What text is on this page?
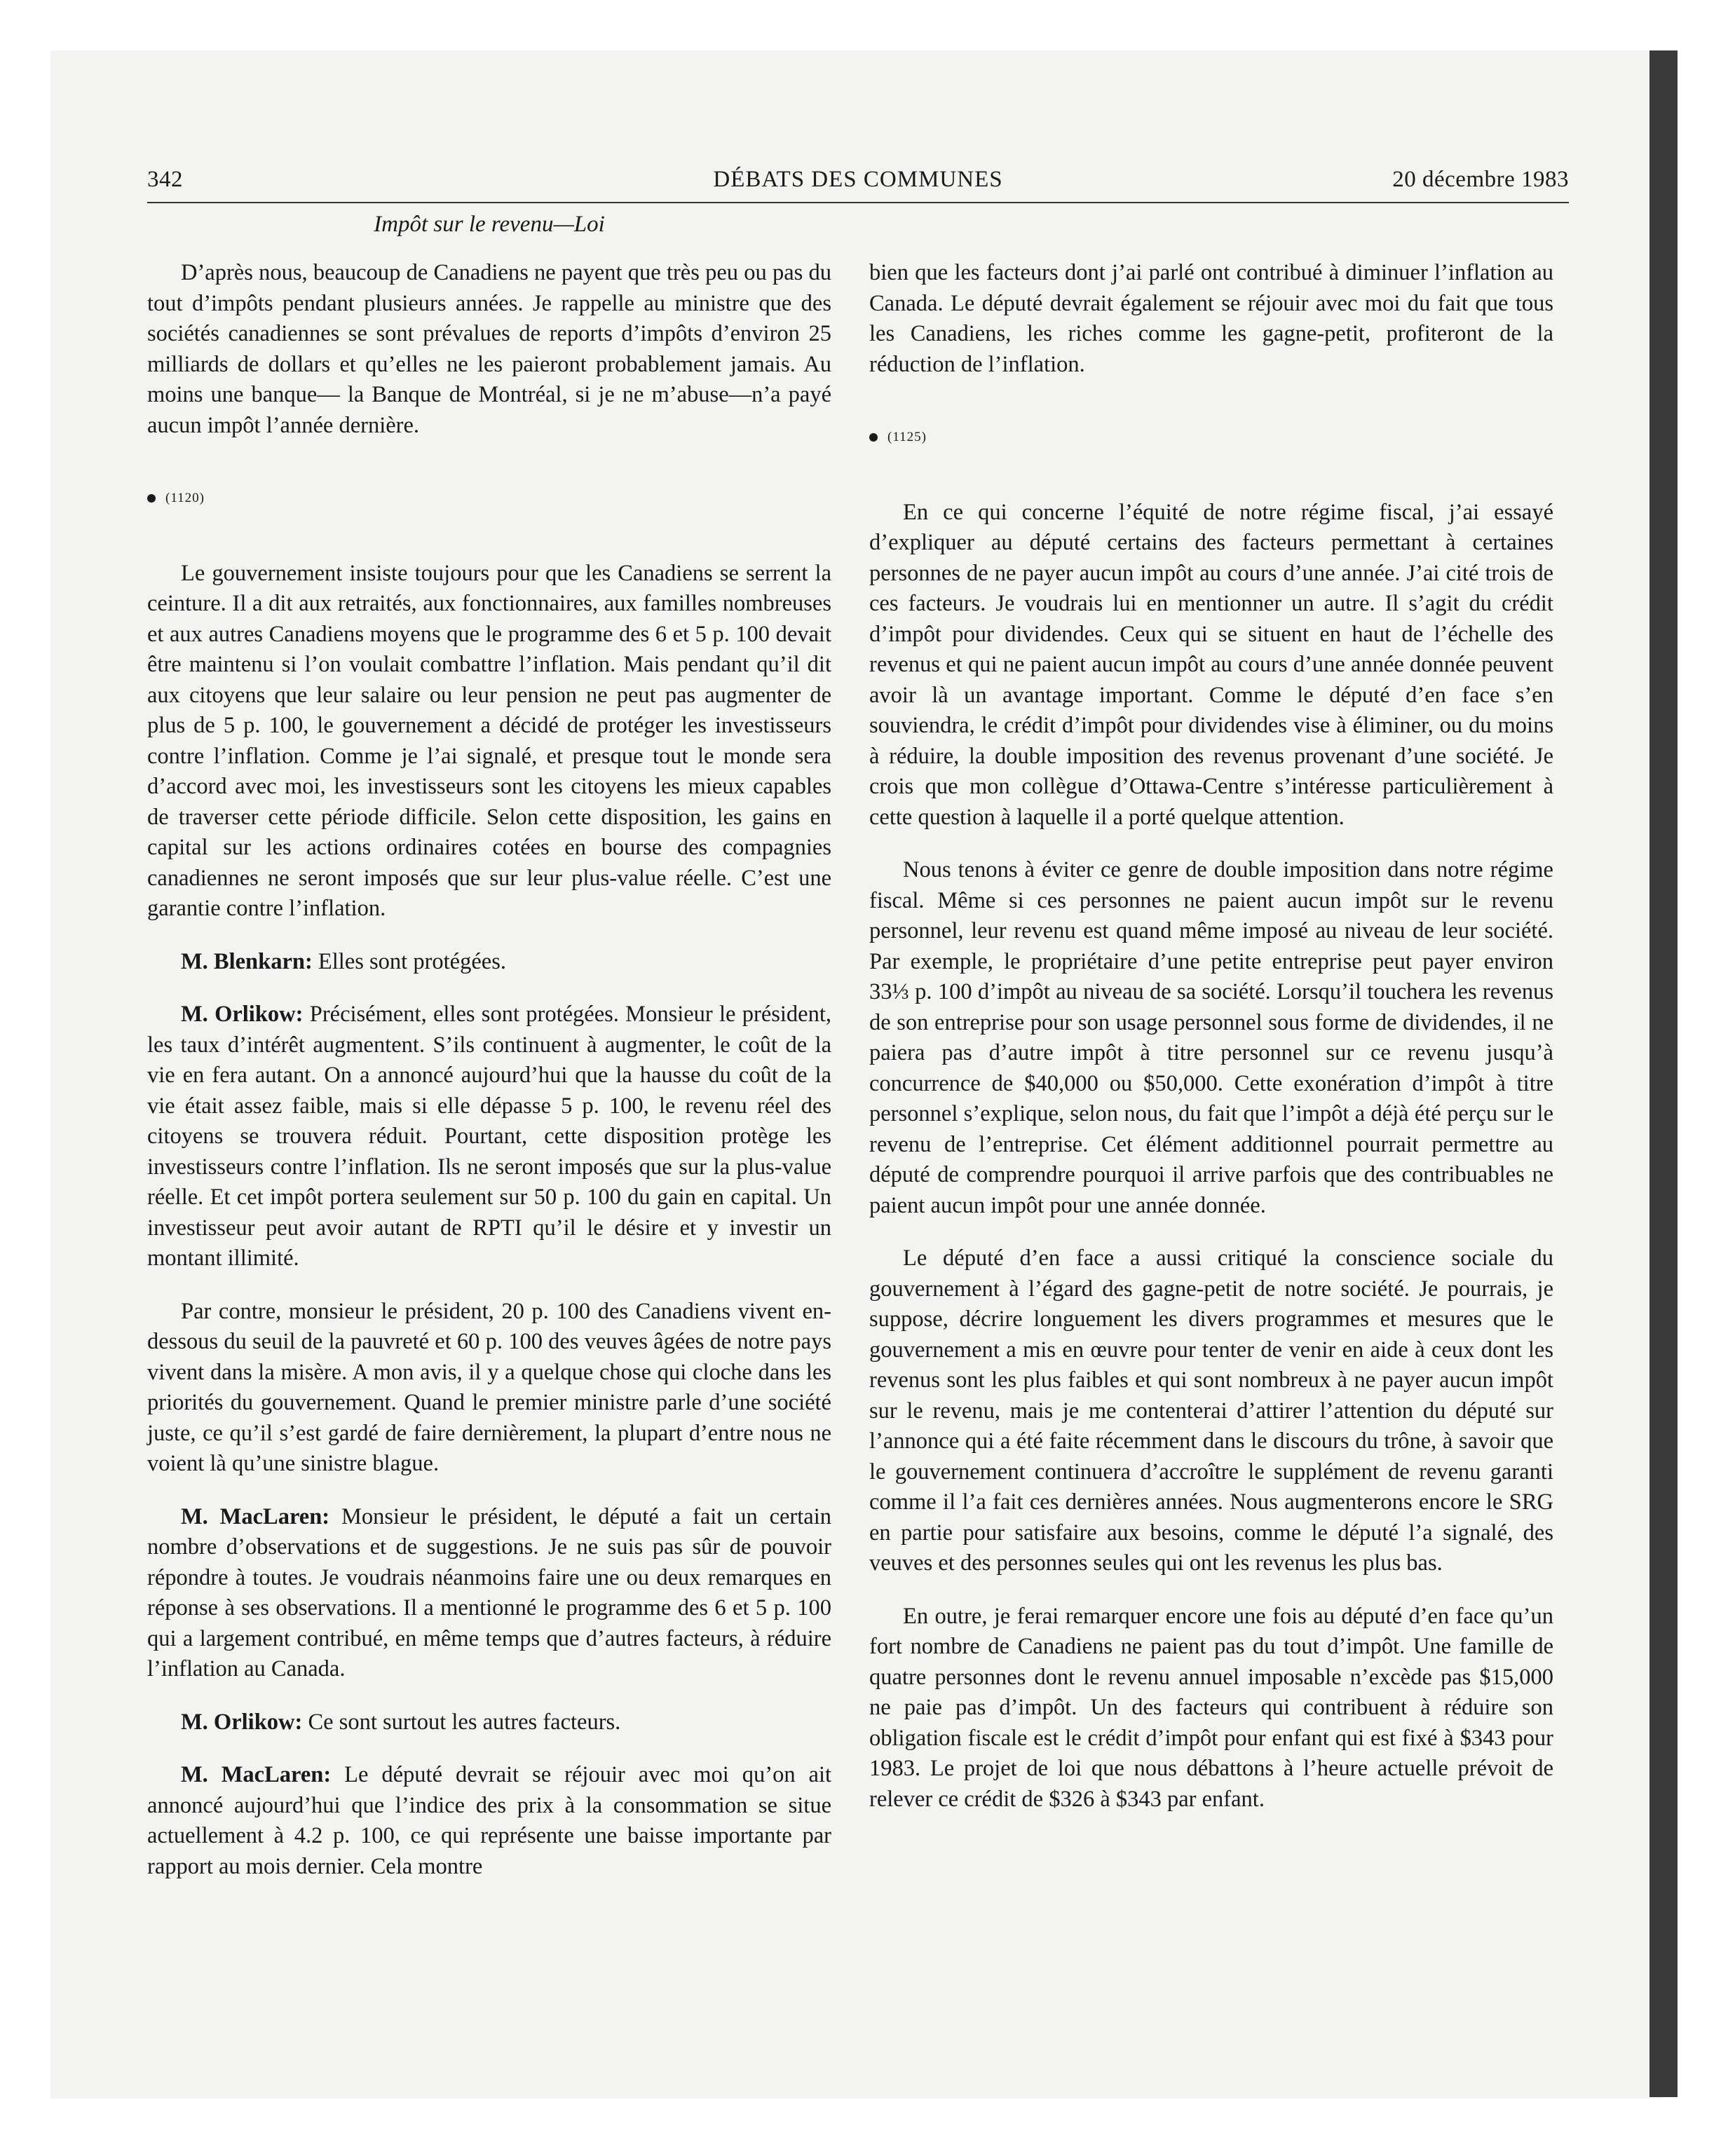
342	DÉBATS DES COMMUNES	20 décembre 1983
Impôt sur le revenu—Loi

D’après nous, beaucoup de Canadiens ne payent que très peu ou pas du tout d’impôts pendant plusieurs années. Je rappelle au ministre que des sociétés canadiennes se sont prévalues de reports d’impôts d’environ 25 milliards de dollars et qu’elles ne les paieront probablement jamais. Au moins une banque— la Banque de Montréal, si je ne m’abuse—n’a payé aucun impôt l’année dernière.

(1120)

Le gouvernement insiste toujours pour que les Canadiens se serrent la ceinture. Il a dit aux retraités, aux fonctionnaires, aux familles nombreuses et aux autres Canadiens moyens que le programme des 6 et 5 p. 100 devait être maintenu si l’on voulait combattre l’inflation. Mais pendant qu’il dit aux citoyens que leur salaire ou leur pension ne peut pas augmenter de plus de 5 p. 100, le gouvernement a décidé de protéger les investisseurs contre l’inflation. Comme je l’ai signalé, et presque tout le monde sera d’accord avec moi, les investisseurs sont les citoyens les mieux capables de traverser cette période difficile. Selon cette disposition, les gains en capital sur les actions ordinaires cotées en bourse des compagnies canadiennes ne seront imposés que sur leur plus-value réelle. C’est une garantie contre l’inflation.

M. Blenkarn: Elles sont protégées.

M. Orlikow: Précisément, elles sont protégées. Monsieur le président, les taux d’intérêt augmentent. S’ils continuent à augmenter, le coût de la vie en fera autant. On a annoncé aujourd’hui que la hausse du coût de la vie était assez faible, mais si elle dépasse 5 p. 100, le revenu réel des citoyens se trouvera réduit. Pourtant, cette disposition protège les investisseurs contre l’inflation. Ils ne seront imposés que sur la plus-value réelle. Et cet impôt portera seulement sur 50 p. 100 du gain en capital. Un investisseur peut avoir autant de RPTI qu’il le désire et y investir un montant illimité.

Par contre, monsieur le président, 20 p. 100 des Canadiens vivent en-dessous du seuil de la pauvreté et 60 p. 100 des veuves âgées de notre pays vivent dans la misère. A mon avis, il y a quelque chose qui cloche dans les priorités du gouvernement. Quand le premier ministre parle d’une société juste, ce qu’il s’est gardé de faire dernièrement, la plupart d’entre nous ne voient là qu’une sinistre blague.

M. MacLaren: Monsieur le président, le député a fait un certain nombre d’observations et de suggestions. Je ne suis pas sûr de pouvoir répondre à toutes. Je voudrais néanmoins faire une ou deux remarques en réponse à ses observations. Il a mentionné le programme des 6 et 5 p. 100 qui a largement contribué, en même temps que d’autres facteurs, à réduire l’inflation au Canada.

M. Orlikow: Ce sont surtout les autres facteurs.

M. MacLaren: Le député devrait se réjouir avec moi qu’on ait annoncé aujourd’hui que l’indice des prix à la consommation se situe actuellement à 4.2 p. 100, ce qui représente une baisse importante par rapport au mois dernier. Cela montre

bien que les facteurs dont j’ai parlé ont contribué à diminuer l’inflation au Canada. Le député devrait également se réjouir avec moi du fait que tous les Canadiens, les riches comme les gagne-petit, profiteront de la réduction de l’inflation.

(1125)

En ce qui concerne l’équité de notre régime fiscal, j’ai essayé d’expliquer au député certains des facteurs permettant à certaines personnes de ne payer aucun impôt au cours d’une année. J’ai cité trois de ces facteurs. Je voudrais lui en mentionner un autre. Il s’agit du crédit d’impôt pour dividendes. Ceux qui se situent en haut de l’échelle des revenus et qui ne paient aucun impôt au cours d’une année donnée peuvent avoir là un avantage important. Comme le député d’en face s’en souviendra, le crédit d’impôt pour dividendes vise à éliminer, ou du moins à réduire, la double imposition des revenus provenant d’une société. Je crois que mon collègue d’Ottawa-Centre s’intéresse particulièrement à cette question à laquelle il a porté quelque attention.

Nous tenons à éviter ce genre de double imposition dans notre régime fiscal. Même si ces personnes ne paient aucun impôt sur le revenu personnel, leur revenu est quand même imposé au niveau de leur société. Par exemple, le propriétaire d’une petite entreprise peut payer environ 33⅓ p. 100 d’impôt au niveau de sa société. Lorsqu’il touchera les revenus de son entreprise pour son usage personnel sous forme de dividendes, il ne paiera pas d’autre impôt à titre personnel sur ce revenu jusqu’à concurrence de $40,000 ou $50,000. Cette exonération d’impôt à titre personnel s’explique, selon nous, du fait que l’impôt a déjà été perçu sur le revenu de l’entreprise. Cet élément additionnel pourrait permettre au député de comprendre pourquoi il arrive parfois que des contribuables ne paient aucun impôt pour une année donnée.

Le député d’en face a aussi critiqué la conscience sociale du gouvernement à l’égard des gagne-petit de notre société. Je pourrais, je suppose, décrire longuement les divers programmes et mesures que le gouvernement a mis en œuvre pour tenter de venir en aide à ceux dont les revenus sont les plus faibles et qui sont nombreux à ne payer aucun impôt sur le revenu, mais je me contenterai d’attirer l’attention du député sur l’annonce qui a été faite récemment dans le discours du trône, à savoir que le gouvernement continuera d’accroître le supplément de revenu garanti comme il l’a fait ces dernières années. Nous augmenterons encore le SRG en partie pour satisfaire aux besoins, comme le député l’a signalé, des veuves et des personnes seules qui ont les revenus les plus bas.

En outre, je ferai remarquer encore une fois au député d’en face qu’un fort nombre de Canadiens ne paient pas du tout d’impôt. Une famille de quatre personnes dont le revenu annuel imposable n’excède pas $15,000 ne paie pas d’impôt. Un des facteurs qui contribuent à réduire son obligation fiscale est le crédit d’impôt pour enfant qui est fixé à $343 pour 1983. Le projet de loi que nous débattons à l’heure actuelle prévoit de relever ce crédit de $326 à $343 par enfant.
